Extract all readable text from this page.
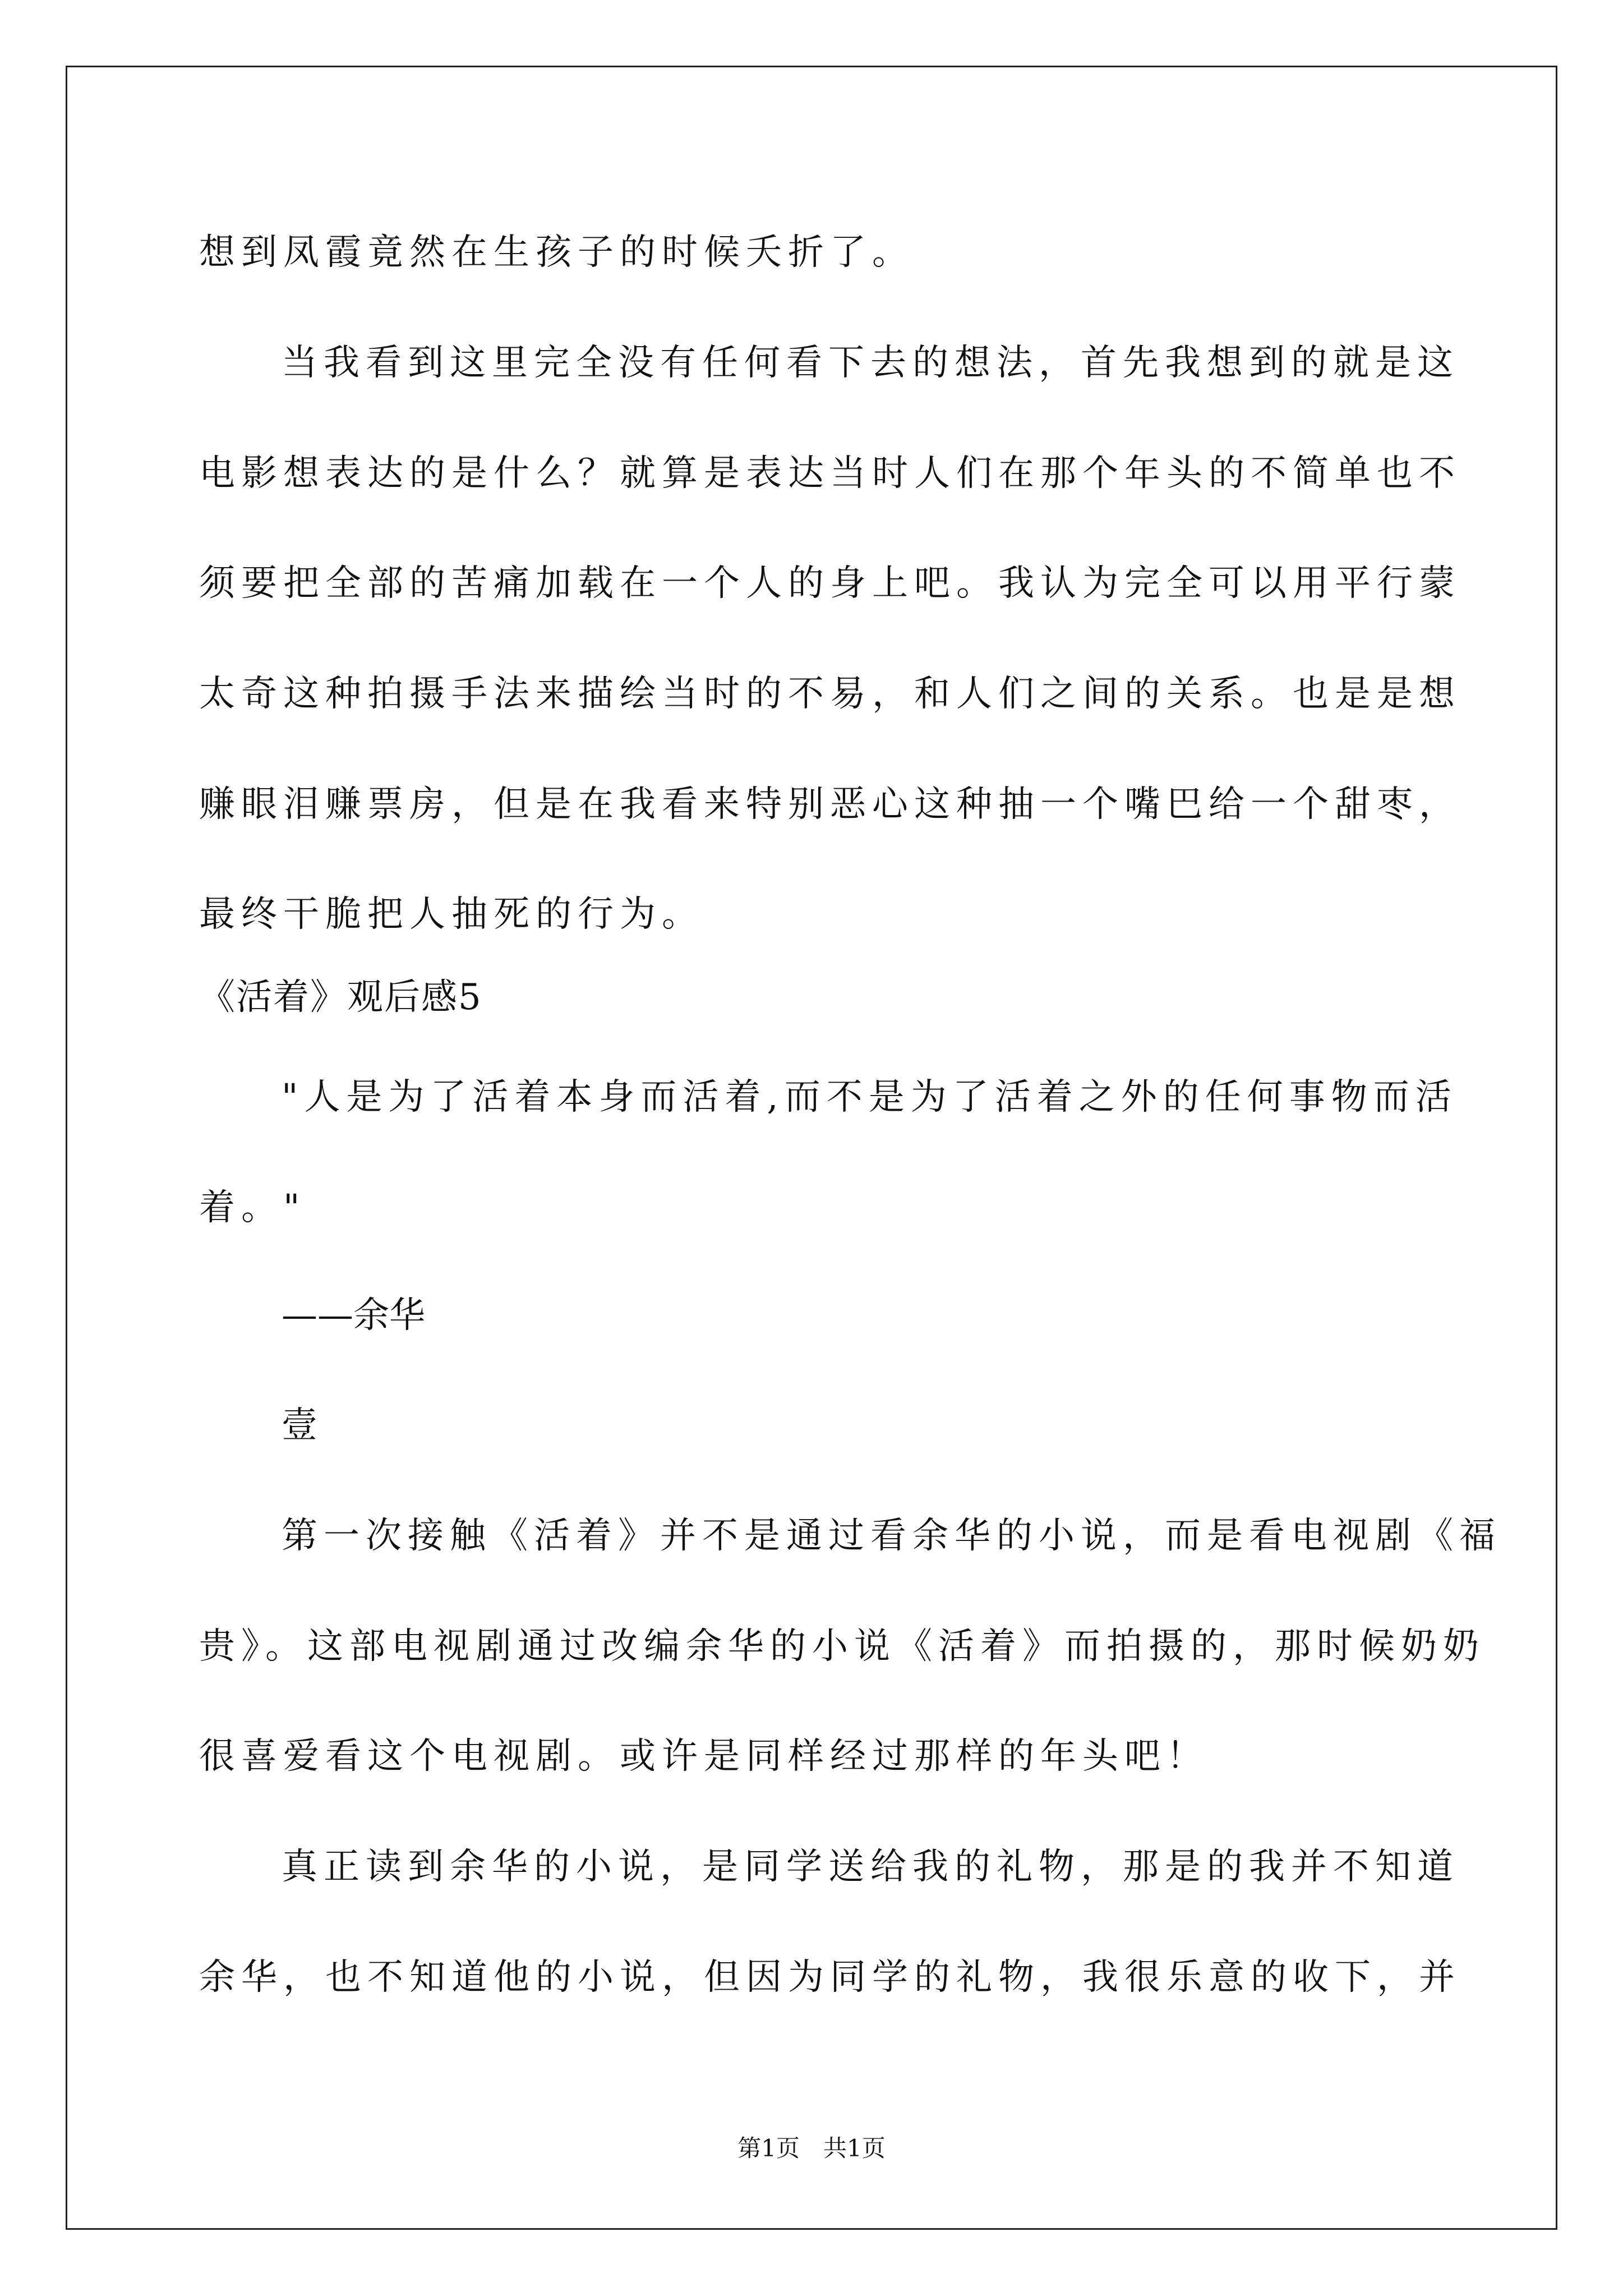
想到凤霞竟然在生孩子的时候夭折了。
当我看到这里完全没有任何看下去的想法，首先我想到的就是这
电影想表达的是什么？就算是表达当时人们在那个年头的不简单也不
须要把全部的苦痛加载在一个人的身上吧。我认为完全可以用平行蒙
太奇这种拍摄手法来描绘当时的不易，和人们之间的关系。也是是想
赚眼泪赚票房，但是在我看来特别恶心这种抽一个嘴巴给一个甜枣，
最终干脆把人抽死的行为。
《活着》观后感5
"人是为了活着本身而活着,而不是为了活着之外的任何事物而活
着。"
——余华
壹
第一次接触《活着》并不是通过看余华的小说，而是看电视剧《福
贵》。这部电视剧通过改编余华的小说《活着》而拍摄的，那时候奶奶
很喜爱看这个电视剧。或许是同样经过那样的年头吧！
真正读到余华的小说，是同学送给我的礼物，那是的我并不知道
余华，也不知道他的小说，但因为同学的礼物，我很乐意的收下，并
第1页　共1页
